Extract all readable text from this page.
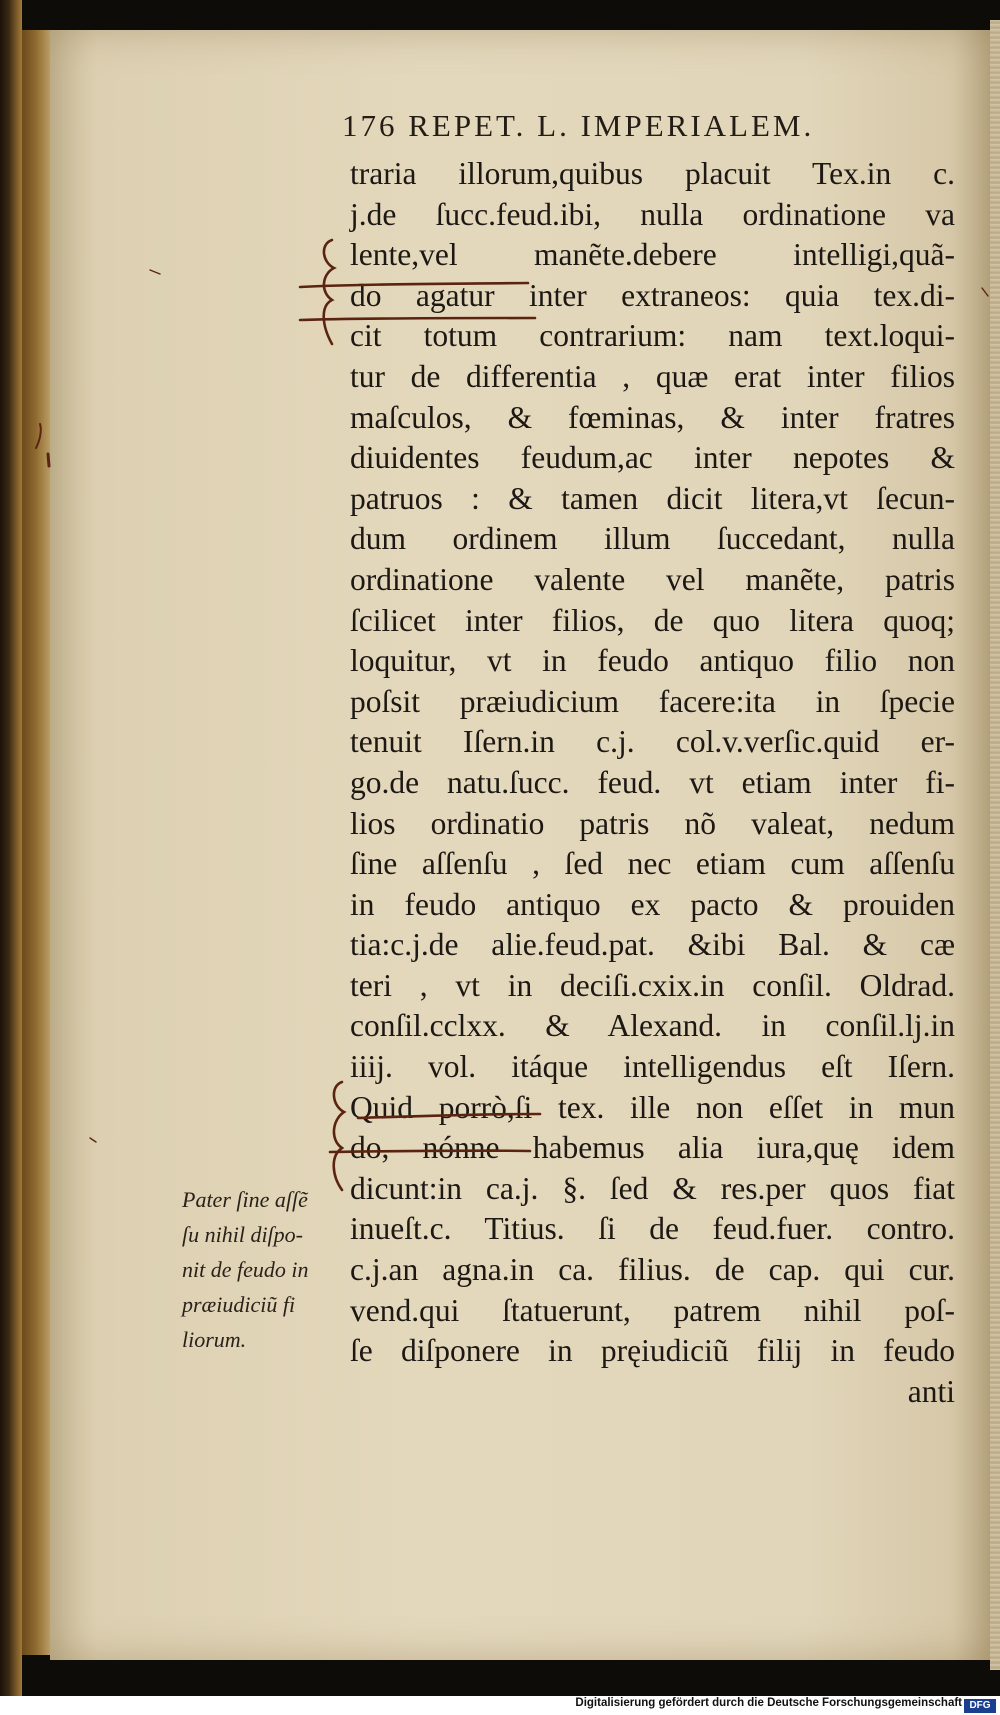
176 REPET. L. IMPERIALEM.
traria illorum,quibus placuit Tex.in c.
j.de ſucc.feud.ibi, nulla ordinatione va
lente,vel manẽte.debere intelligi,quã-
do agatur inter extraneos: quia tex.di-
cit totum contrarium: nam text.loqui-
tur de differentia , quæ erat inter filios
maſculos, & fœminas, & inter fratres
diuidentes feudum,ac inter nepotes &
patruos : & tamen dicit litera,vt ſecun-
dum ordinem illum ſuccedant, nulla
ordinatione valente vel manẽte, patris
ſcilicet inter filios, de quo litera quoq;
loquitur, vt in feudo antiquo filio non
poſsit præiudicium facere:ita in ſpecie
tenuit Iſern.in c.j. col.v.verſic.quid er-
go.de natu.ſucc. feud. vt etiam inter fi-
lios ordinatio patris nõ valeat, nedum
ſine aſſenſu , ſed nec etiam cum aſſenſu
in feudo antiquo ex pacto & prouiden
tia:c.j.de alie.feud.pat. &ibi Bal. & cæ
teri , vt in deciſi.cxix.in conſil. Oldrad.
conſil.cclxx. & Alexand. in conſil.lj.in
iiij. vol. itáque intelligendus eſt Iſern.
Quid porrò,ſi tex. ille non eſſet in mun
do, nónne habemus alia iura,quę idem
dicunt:in ca.j. §. ſed & res.per quos fiat
inueſt.c. Titius. ſi de feud.fuer. contro.
c.j.an agna.in ca. filius. de cap. qui cur.
vend.qui ſtatuerunt, patrem nihil poſ-
ſe diſponere in pręiudiciũ filij in feudo
anti
Pater ſine aſſẽ
ſu nihil diſpo-
nit de feudo in
præiudiciũ fi
liorum.
Digitalisierung gefördert durch die Deutsche Forschungsgemeinschaft DFG
